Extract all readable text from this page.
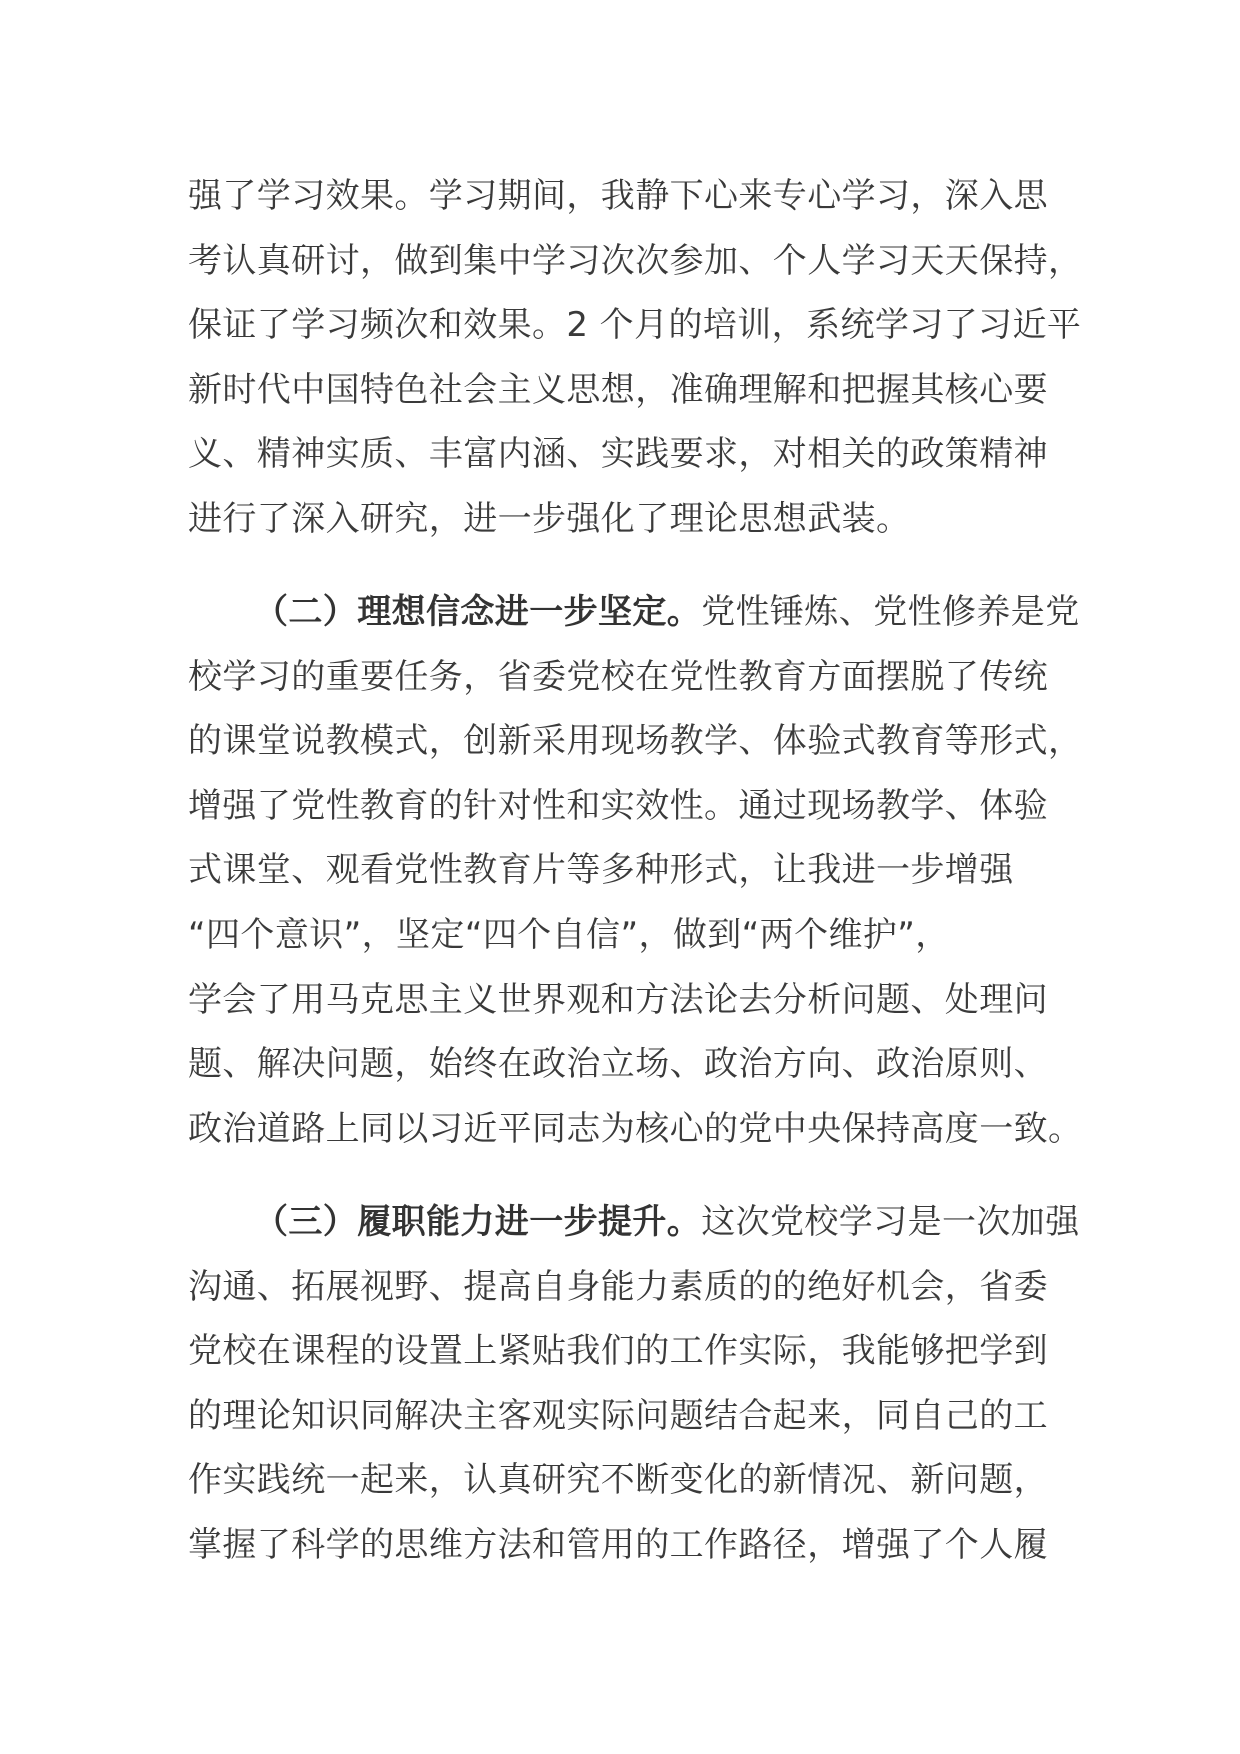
强了学习效果。学习期间，我静下心来专心学习，深入思
考认真研讨，做到集中学习次次参加、个人学习天天保持，
保证了学习频次和效果。2 个月的培训，系统学习了习近平
新时代中国特色社会主义思想，准确理解和把握其核心要
义、精神实质、丰富内涵、实践要求，对相关的政策精神
进行了深入研究，进一步强化了理论思想武装。
（二）理想信念进一步坚定。党性锤炼、党性修养是党
校学习的重要任务，省委党校在党性教育方面摆脱了传统
的课堂说教模式，创新采用现场教学、体验式教育等形式，
增强了党性教育的针对性和实效性。通过现场教学、体验
式课堂、观看党性教育片等多种形式，让我进一步增强
“四个意识”，坚定“四个自信”，做到“两个维护”，
学会了用马克思主义世界观和方法论去分析问题、处理问
题、解决问题，始终在政治立场、政治方向、政治原则、
政治道路上同以习近平同志为核心的党中央保持高度一致。
（三）履职能力进一步提升。这次党校学习是一次加强
沟通、拓展视野、提高自身能力素质的的绝好机会，省委
党校在课程的设置上紧贴我们的工作实际，我能够把学到
的理论知识同解决主客观实际问题结合起来，同自己的工
作实践统一起来，认真研究不断变化的新情况、新问题，
掌握了科学的思维方法和管用的工作路径，增强了个人履
